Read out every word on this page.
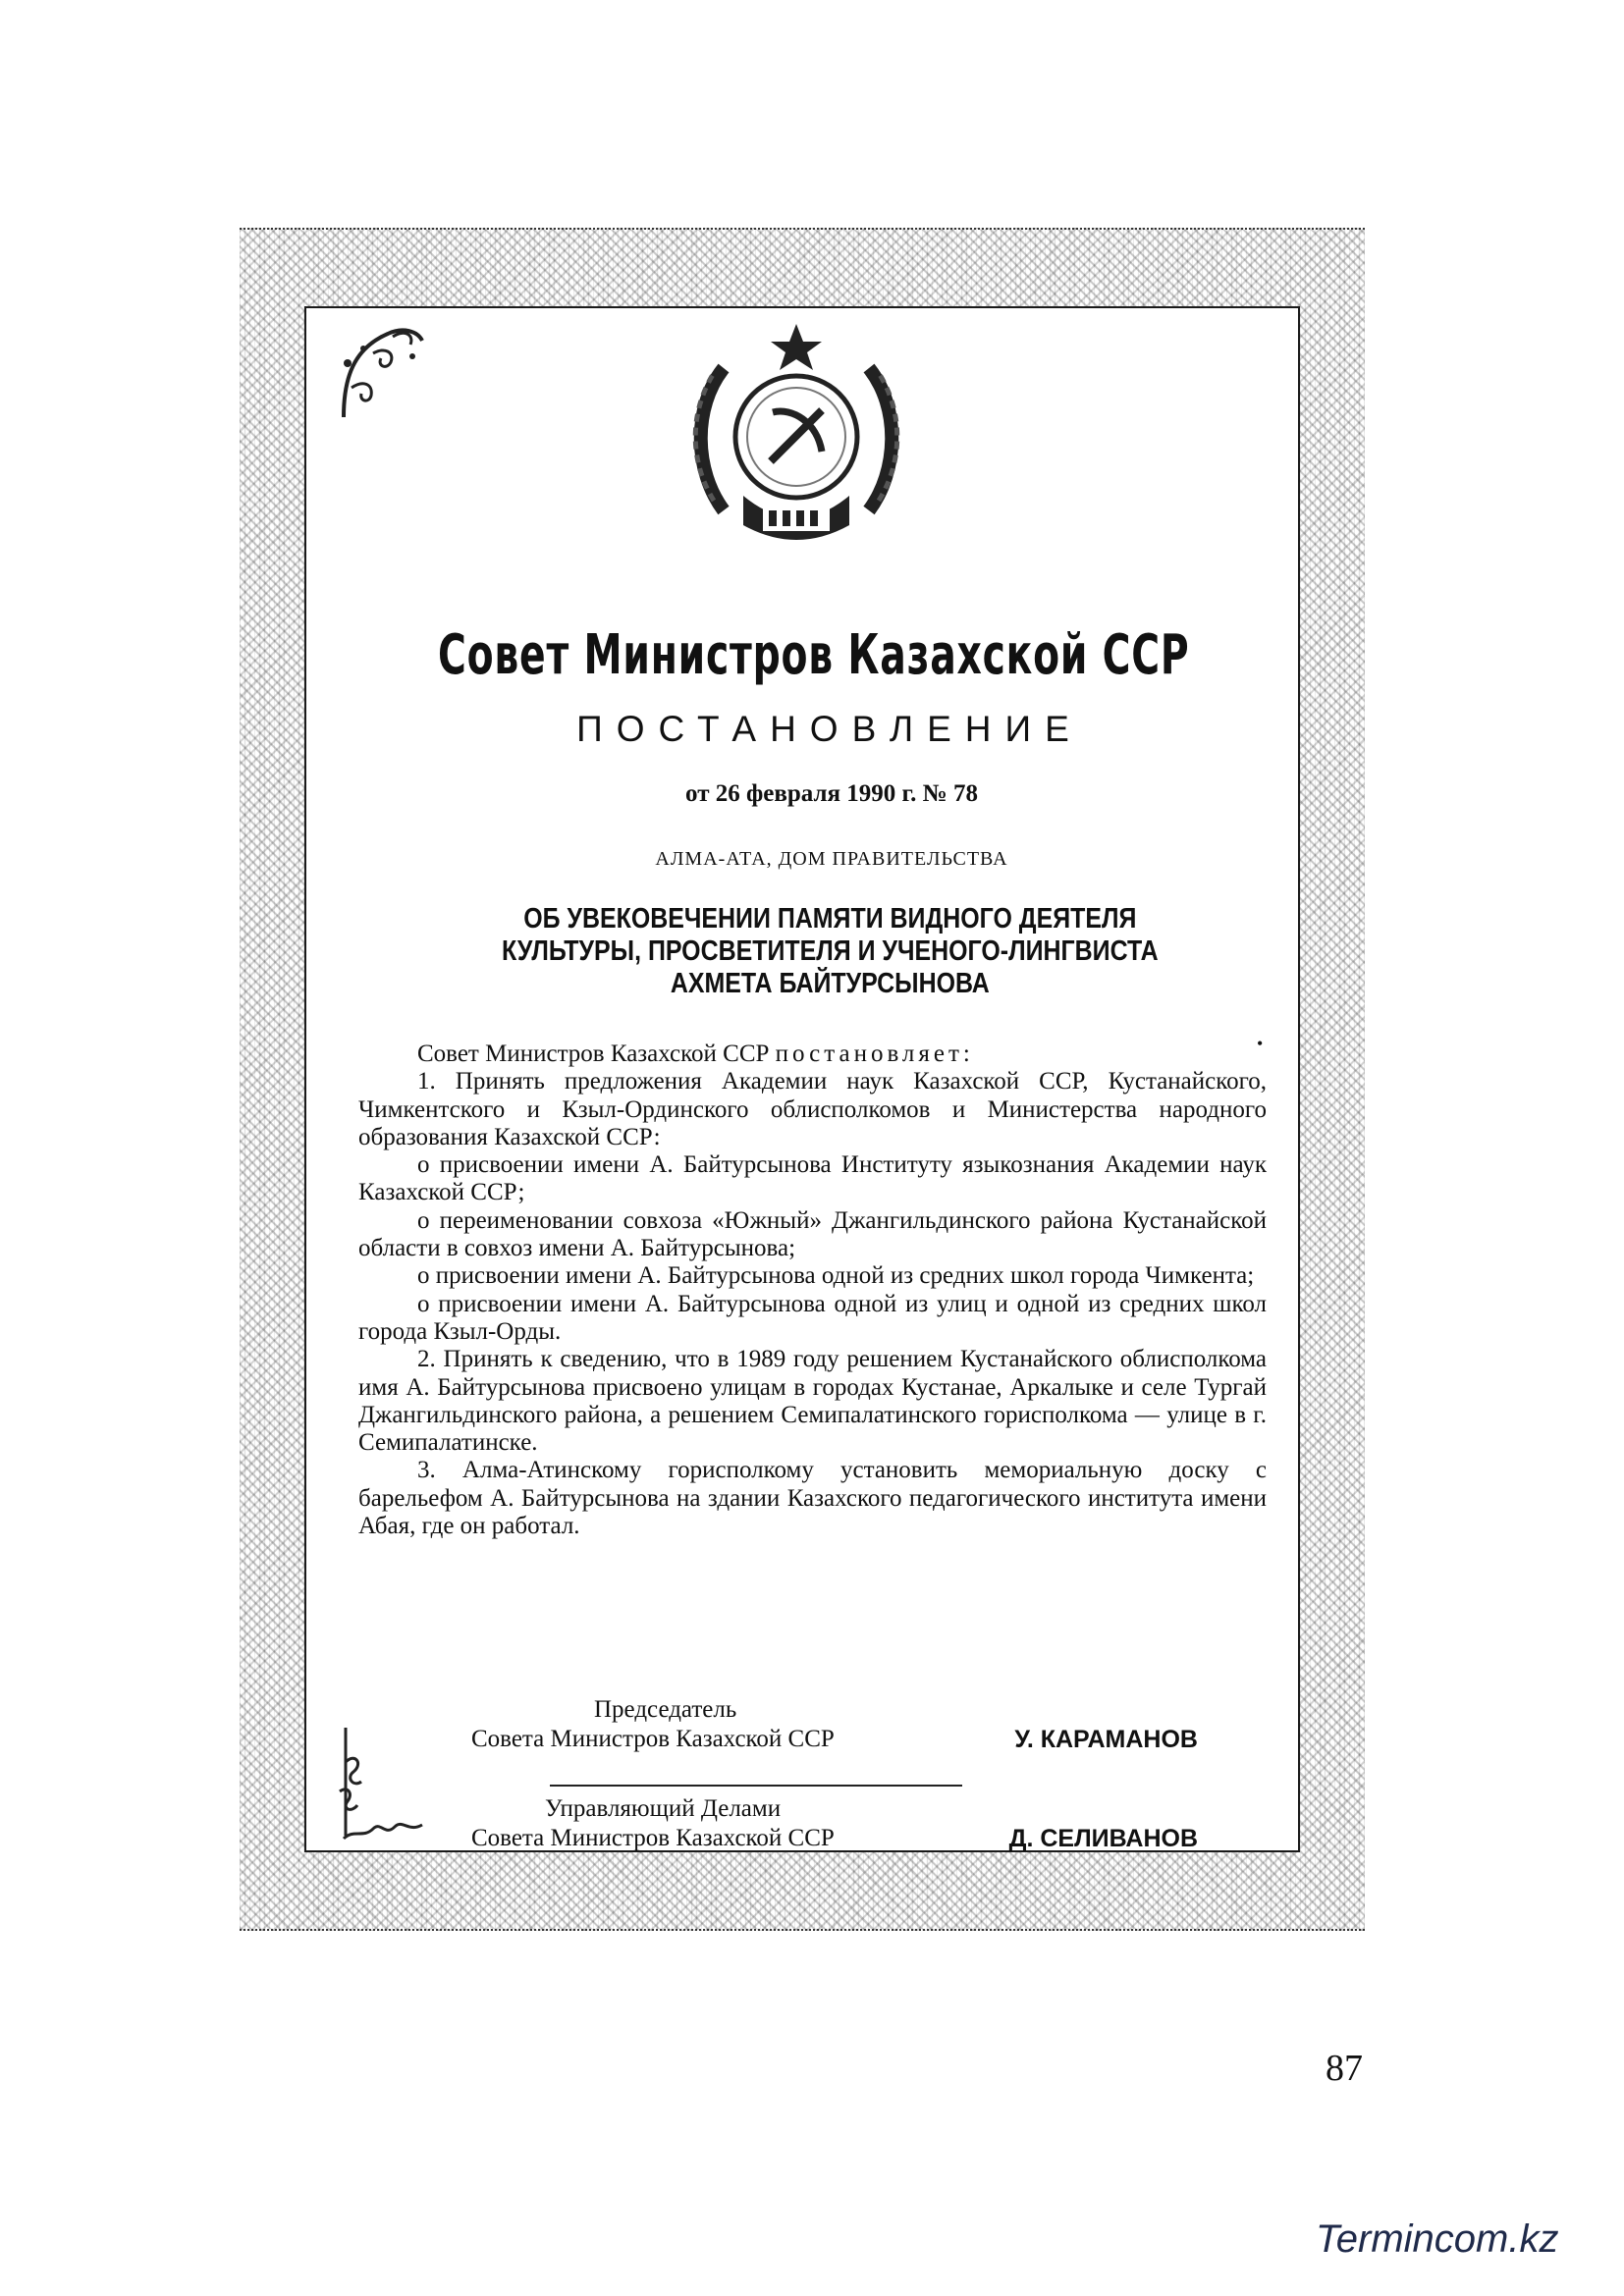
Совет Министров Казахской ССР
ПОСТАНОВЛЕНИЕ
от 26 февраля 1990 г. № 78
АЛМА-АТА, ДОМ ПРАВИТЕЛЬСТВА
ОБ УВЕКОВЕЧЕНИИ ПАМЯТИ ВИДНОГО ДЕЯТЕЛЯ
КУЛЬТУРЫ, ПРОСВЕТИТЕЛЯ И УЧЕНОГО-ЛИНГВИСТА
АХМЕТА БАЙТУРСЫНОВА
•

Совет Министров Казахской ССР постановляет:

1. Принять предложения Академии наук Казахской ССР, Кустанайского, Чимкентского и Кзыл-Ординского облисполкомов и Министерства народного образования Казахской ССР:

о присвоении имени А. Байтурсынова Институту языкознания Академии наук Казахской ССР;

о переименовании совхоза «Южный» Джангильдинского района Кустанайской области в совхоз имени А. Байтурсынова;

о присвоении имени А. Байтурсынова одной из средних школ города Чимкента;

о присвоении имени А. Байтурсынова одной из улиц и одной из средних школ города Кзыл-Орды.

2. Принять к сведению, что в 1989 году решением Кустанайского облисполкома имя А. Байтурсынова присвоено улицам в городах Кустанае, Аркалыке и селе Тургай Джангильдинского района, а решением Семипалатинского горисполкома — улице в г. Семипалатинске.

3. Алма-Атинскому горисполкому установить мемориальную доску с барельефом А. Байтурсынова на здании Казахского педагогического института имени Абая, где он работал.

Председатель
Совета Министров Казахской ССР	У. КАРАМАНОВ
Управляющий Делами
Совета Министров Казахской ССР	Д. СЕЛИВАНОВ
87
Termincom.kz
